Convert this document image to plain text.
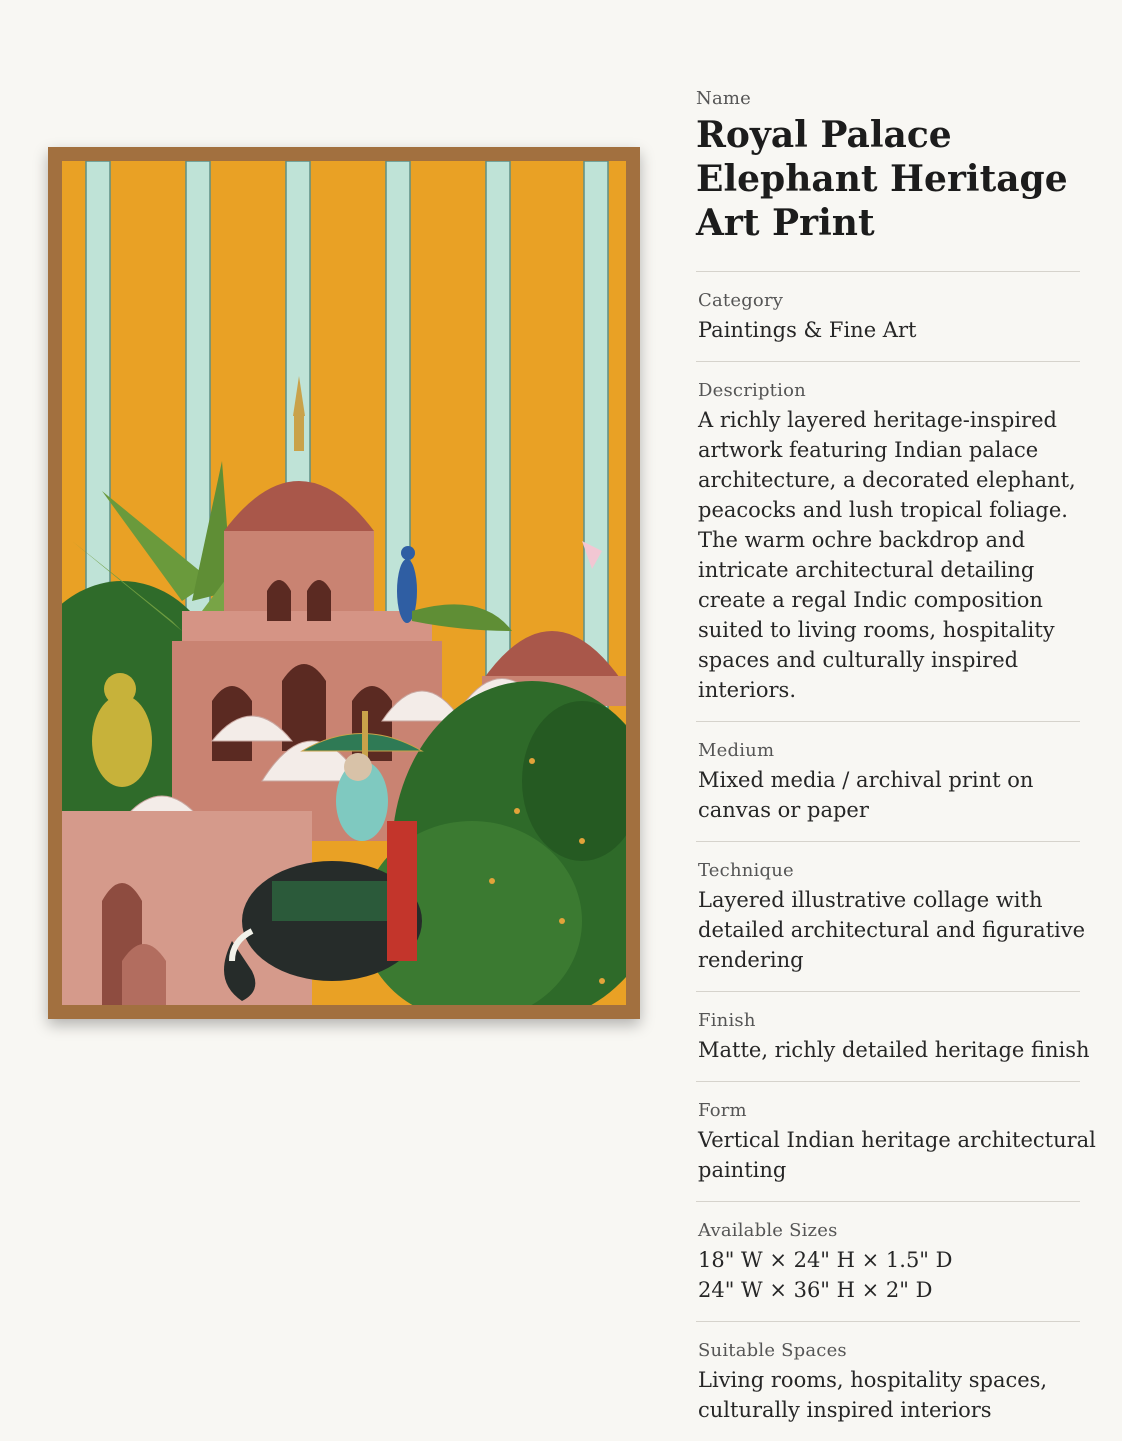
Name
Royal Palace Elephant Heritage Art Print
Category
Paintings & Fine Art
Description
A richly layered heritage-inspired artwork featuring Indian palace architecture, a decorated elephant, peacocks and lush tropical foliage. The warm ochre backdrop and intricate architectural detailing create a regal Indic composition suited to living rooms, hospitality spaces and culturally inspired interiors.
Medium
Mixed media / archival print on canvas or paper
Technique
Layered illustrative collage with detailed architectural and figurative rendering
Finish
Matte, richly detailed heritage finish
Form
Vertical Indian heritage architectural painting
Available Sizes
18" W × 24" H × 1.5" D
24" W × 36" H × 2" D
Suitable Spaces
Living rooms, hospitality spaces, culturally inspired interiors
